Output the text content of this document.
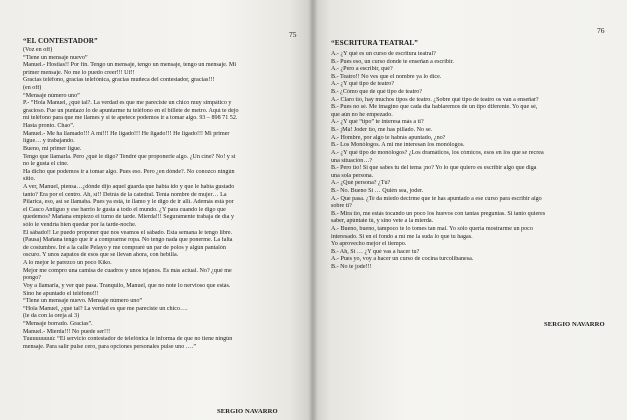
75
“EL CONTESTADOR”
(Voz en off)
“Tiene un mensaje nuevo”
Manuel.- Hostias!! Por fin. Tengo un mensaje, tengo un mensaje, tengo un mensaje. Mi
primer mensaje. No me lo puedo creer!!! Uf!!
Gracias teléfono, gracias telefónica, gracias muñeca del contestador, gracias!!!
(en off)
“Mensaje número uno”
P.- “Hola Manuel, ¿qué tal?. La verdad es que me pareciste un chico muy simpático y
gracioso. Fue un puntazo lo de apuntarme tu teléfono en el billete de metro. Aquí te dejo
mi teléfono para que me llames y si te apetece podemos ir a tomar algo. 93 – 898 71 52.
Hasta pronto. Chao”.
Manuel.- Me ha llamado!!! A mí!!! He ligado!!! He ligado!!! He ligado!!! Mi primer
ligue… y trabajando.
Bueno, mi primer ligue.
Tengo que llamarla. Pero ¿qué le digo? Tendré que proponerle algo. ¿Un cine? No! y si
no le gusta el cine.
Ha dicho que podemos ir a tomar algo. Pues eso. Pero ¿en dónde?. No conozco ningún
sitio.
A ver, Manuel, piensa…¿dónde dijo aquel guarda que había ido y que le había gustado
tanto? Era por el centro. Ah, sí!! Detrás de la catedral. Tenía nombre de mujer… La
Pilarica, eso, así se llamaba. Pues ya está, te llamo y le digo de ir allí. Además está por
el Casco Antiguo y ese barrio le gusta a todo el mundo. ¿Y para cuando le digo que
quedemos? Mañana empiezo el turno de tarde. Mierda!!! Seguramente trabaja de día y
sólo le vendría bien quedar por la tarde-noche.
El sábado!! Le puedo proponer que nos veamos el sábado. Esta semana le tengo libre.
(Pausa) Mañana tengo que ir a comprarme ropa. No tengo nada que ponerme. La falta
de costumbre. Iré a la calle Pelayo y me compraré un par de polos y algún pantalón
oscuro. Y unos zapatos de esos que se llevan ahora, con hebilla.
A lo mejor le parezco un poco Kiko.
Mejor me compro una camisa de cuadros y unos tejanos. Es más actual. No? ¿qué me
pongo?
Voy a llamarla, y ver qué pasa. Tranquilo, Manuel, que no note lo nervioso que estás.
Sino he apuntado el teléfono!!!
“Tiene un mensaje nuevo. Mensaje número uno”
“Hola Manuel, ¿qué tal? La verdad es que me pareciste un chico….
(le da con la oreja al 3)
“Mensaje borrado. Gracias”.
Manuel.- Mierda!!! No puede ser!!!
Tuuuuuuuuú: “El servicio contestador de telefónica le informa de que no tiene ningún
mensaje. Para salir pulse cero, para opciones personales pulse uno ….”
SERGIO NAVARRO
76
“ESCRITURA TEATRAL”
A.- ¿Y qué es un curso de escritura teatral?
B.- Pues eso, un curso donde te enseñan a escribir.
A.- ¿Pero a escribir, qué?
B.- Teatro!! No ves que el nombre ya lo dice.
A.- ¿Y qué tipo de teatro?
B.- ¿Cómo que de qué tipo de teatro?
A.- Claro tío, hay muchos tipos de teatro. ¿Sobre qué tipo de teatro os van a enseñar?
B.- Pues no sé. Me imagino que cada día hablaremos de un tipo diferente. Yo que sé,
que aún no he empezado.
A.- ¿Y qué “tipo” te interesa más a ti?
B.- ¡Má! Joder tío, me has pillado. No se.
A.- Hombre, por algo te habrás apuntado, ¿no?
B.- Los Monólogos. A mi me interesan los monólogos.
A.- ¿Y qué tipo de monólogos? ¿Los dramáticos, los cómicos, esos en los que se recrea
una situación…?
B.- Pero tío! Si que sabes tu del tema ¡no? Yo lo que quiero es escribir algo que diga
una sola persona.
A.- ¿Qué persona? ¿Tú?
B.- No. Bueno Si … Quién sea, joder.
A.- Que pasa. ¿Te da miedo decirme que te has apuntado a ese curso para escribir algo
sobre ti?
B.- Mira tío, me estás tocando un poco los huevos con tantas preguntas. Si tanto quieres
saber, apúntate tú, y sino vete a la mierda.
A.- Bueno, bueno, tampoco te lo tomes tan mal. Yo sólo quería mostrarme un poco
interesado. Si en el fondo a mí me la suda lo que tu hagas.
Yo aprovecho mejor el tiempo.
B.- Ah, Si … ¿Y qué vas a hacer tu?
A.- Pues yo, voy a hacer un curso de cocina turcolibanesa.
B.- No te jode!!!
SERGIO NAVARRO
